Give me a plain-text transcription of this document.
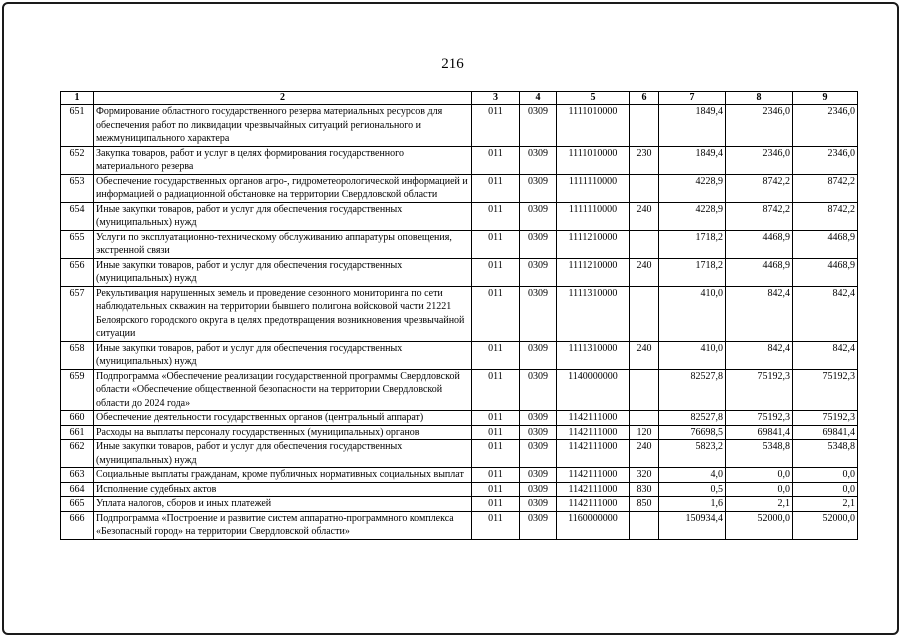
216
1	2	3	4	5	6	7	8	9
651	Формирование областного государственного резерва материальных ресурсов для обеспечения работ по ликвидации чрезвычайных ситуаций регионального и межмуниципального характера	011	0309	1111010000		1849,4	2346,0	2346,0
652	Закупка товаров, работ и услуг в целях формирования государственного материального резерва	011	0309	1111010000	230	1849,4	2346,0	2346,0
653	Обеспечение государственных органов агро-, гидрометеорологической информацией и информацией о радиационной обстановке на территории Свердловской области	011	0309	1111110000		4228,9	8742,2	8742,2
654	Иные закупки товаров, работ и услуг для обеспечения государственных (муниципальных) нужд	011	0309	1111110000	240	4228,9	8742,2	8742,2
655	Услуги по эксплуатационно-техническому обслуживанию аппаратуры оповещения, экстренной связи	011	0309	1111210000		1718,2	4468,9	4468,9
656	Иные закупки товаров, работ и услуг для обеспечения государственных (муниципальных) нужд	011	0309	1111210000	240	1718,2	4468,9	4468,9
657	Рекультивация нарушенных земель и проведение сезонного мониторинга по сети наблюдательных скважин на территории бывшего полигона войсковой части 21221 Белоярского городского округа в целях предотвращения возникновения чрезвычайной ситуации	011	0309	1111310000		410,0	842,4	842,4
658	Иные закупки товаров, работ и услуг для обеспечения государственных (муниципальных) нужд	011	0309	1111310000	240	410,0	842,4	842,4
659	Подпрограмма «Обеспечение реализации государственной программы Свердловской области «Обеспечение общественной безопасности на территории Свердловской области до 2024 года»	011	0309	1140000000		82527,8	75192,3	75192,3
660	Обеспечение деятельности государственных органов (центральный аппарат)	011	0309	1142111000		82527,8	75192,3	75192,3
661	Расходы на выплаты персоналу государственных (муниципальных) органов	011	0309	1142111000	120	76698,5	69841,4	69841,4
662	Иные закупки товаров, работ и услуг для обеспечения государственных (муниципальных) нужд	011	0309	1142111000	240	5823,2	5348,8	5348,8
663	Социальные выплаты гражданам, кроме публичных нормативных социальных выплат	011	0309	1142111000	320	4,0	0,0	0,0
664	Исполнение судебных актов	011	0309	1142111000	830	0,5	0,0	0,0
665	Уплата налогов, сборов и иных платежей	011	0309	1142111000	850	1,6	2,1	2,1
666	Подпрограмма «Построение и развитие систем аппаратно-программного комплекса «Безопасный город» на территории Свердловской области»	011	0309	1160000000		150934,4	52000,0	52000,0
